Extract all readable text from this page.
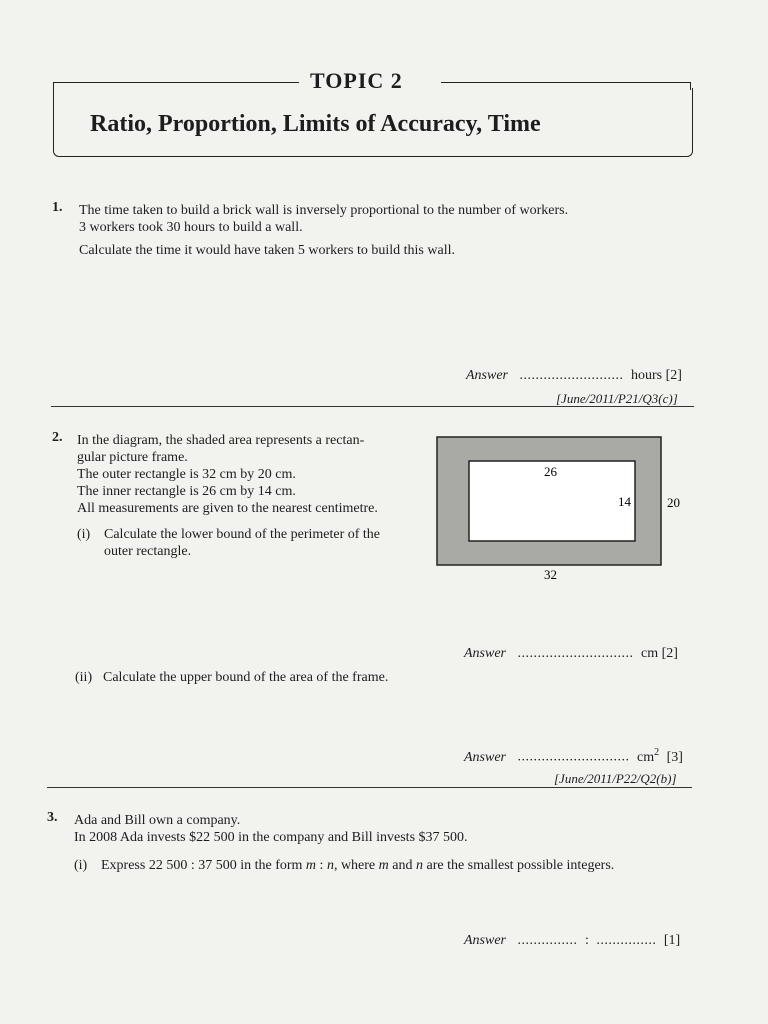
TOPIC 2
Ratio, Proportion, Limits of Accuracy, Time
1. The time taken to build a brick wall is inversely proportional to the number of workers.
3 workers took 30 hours to build a wall.
Calculate the time it would have taken 5 workers to build this wall.
Answer .......................... hours [2]
[June/2011/P21/Q3(c)]
2. In the diagram, the shaded area represents a rectan-
gular picture frame.
The outer rectangle is 32 cm by 20 cm.
The inner rectangle is 26 cm by 14 cm.
All measurements are given to the nearest centimetre.
(i) Calculate the lower bound of the perimeter of the
outer rectangle.
26
14	20
32
Answer ............................. cm [2]
(ii) Calculate the upper bound of the area of the frame.
Answer ............................ $cm^2$ [3]
[June/2011/P22/Q2(b)]
3. Ada and Bill own a company.
In 2008 Ada invests $22 500 in the company and Bill invests $37 500.
(i) Express 22 500 : 37 500 in the form m : n, where m and n are the smallest possible integers.
Answer ............... : ............... [1]
